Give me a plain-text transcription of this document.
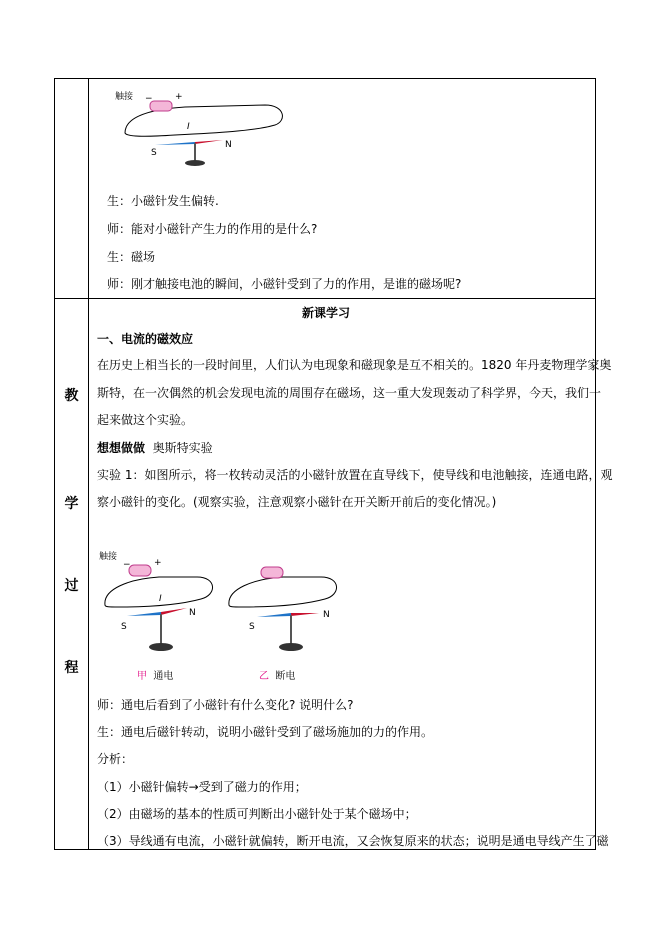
触接 − +
I
S
N
生：小磁针发生偏转.
师：能对小磁针产生力的作用的是什么?
生：磁场
师：刚才触接电池的瞬间，小磁针受到了力的作用，是谁的磁场呢?
教
学
过
程
新课学习
一、电流的磁效应
在历史上相当长的一段时间里，人们认为电现象和磁现象是互不相关的。1820 年丹麦物理学家奥
斯特，在一次偶然的机会发现电流的周围存在磁场，这一重大发现轰动了科学界，今天，我们一
起来做这个实验。
想想做做 奥斯特实验
实验 1：如图所示，将一枚转动灵活的小磁针放置在直导线下，使导线和电池触接，连通电路，观
察小磁针的变化。(观察实验，注意观察小磁针在开关断开前后的变化情况。)
触接
−	+
I
S
N
S
N
甲 通电	乙 断电
师：通电后看到了小磁针有什么变化? 说明什么?
生：通电后磁针转动，说明小磁针受到了磁场施加的力的作用。
分析：
（1）小磁针偏转→受到了磁力的作用；
（2）由磁场的基本的性质可判断出小磁针处于某个磁场中；
（3）导线通有电流，小磁针就偏转，断开电流，又会恢复原来的状态；说明是通电导线产生了磁
